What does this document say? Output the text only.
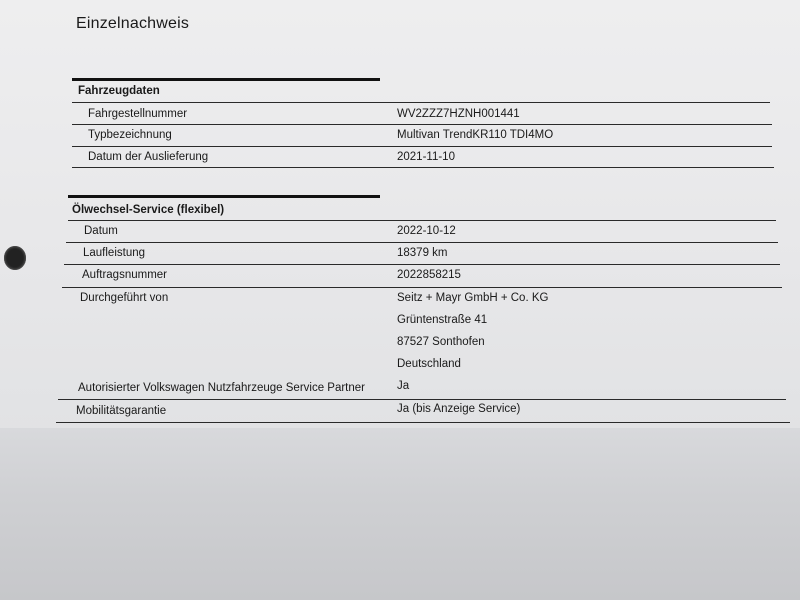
Einzelnachweis
Fahrzeugdaten
Fahrgestellnummer	WV2ZZZ7HZNH001441
Typbezeichnung	Multivan TrendKR110 TDI4MO
Datum der Auslieferung	2021-11-10
Ölwechsel-Service (flexibel)
Datum	2022-10-12
Laufleistung	18379 km
Auftragsnummer	2022858215
Durchgeführt von	Seitz + Mayr GmbH + Co. KG
Grüntenstraße 41
87527 Sonthofen
Deutschland
Autorisierter Volkswagen Nutzfahrzeuge Service Partner	Ja
Mobilitätsgarantie	Ja (bis Anzeige Service)
